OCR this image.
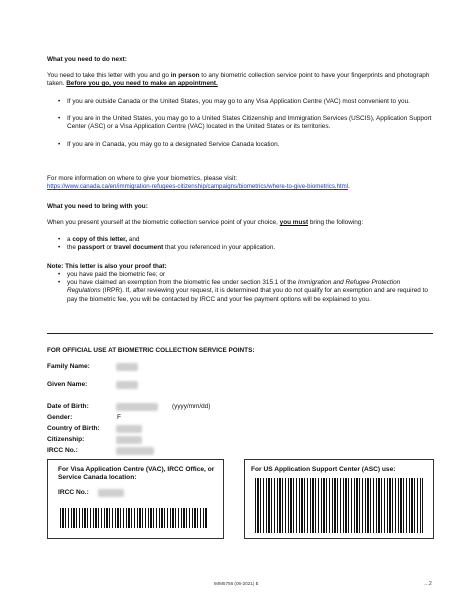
What you need to do next:
You need to take this letter with you and go in person to any biometric collection service point to have your fingerprints and photograph taken. Before you go, you need to make an appointment.
• If you are outside Canada or the United States, you may go to any Visa Application Centre (VAC) most convenient to you.
• If you are in the United States, you may go to a United States Citizenship and Immigration Services (USCIS), Application Support Center (ASC) or a Visa Application Centre (VAC) located in the United States or its territories.
• If you are in Canada, you may go to a designated Service Canada location.
For more information on where to give your biometrics, please visit:
https://www.canada.ca/en/immigration-refugees-citizenship/campaigns/biometrics/where-to-give-biometrics.html.
What you need to bring with you:
When you present yourself at the biometric collection service point of your choice, you must bring the following:
• a copy of this letter, and
• the passport or travel document that you referenced in your application.
Note: This letter is also your proof that:
• you have paid the biometric fee; or
• you have claimed an exemption from the biometric fee under section 315.1 of the Immigration and Refugee Protection Regulations (IRPR). If, after reviewing your request, it is determined that you do not qualify for an exemption and are required to pay the biometric fee, you will be contacted by IRCC and your fee payment options will be explained to you.
FOR OFFICIAL USE AT BIOMETRIC COLLECTION SERVICE POINTS:
Family Name:
Given Name:
Date of Birth:	(yyyy/mm/dd)
Gender:	F
Country of Birth:
Citizenship:
IRCC No.:
For Visa Application Centre (VAC), IRCC Office, or Service Canada location:
IRCC No.:
For US Application Support Center (ASC) use:
IMM5756 (06-2021) E	…2
